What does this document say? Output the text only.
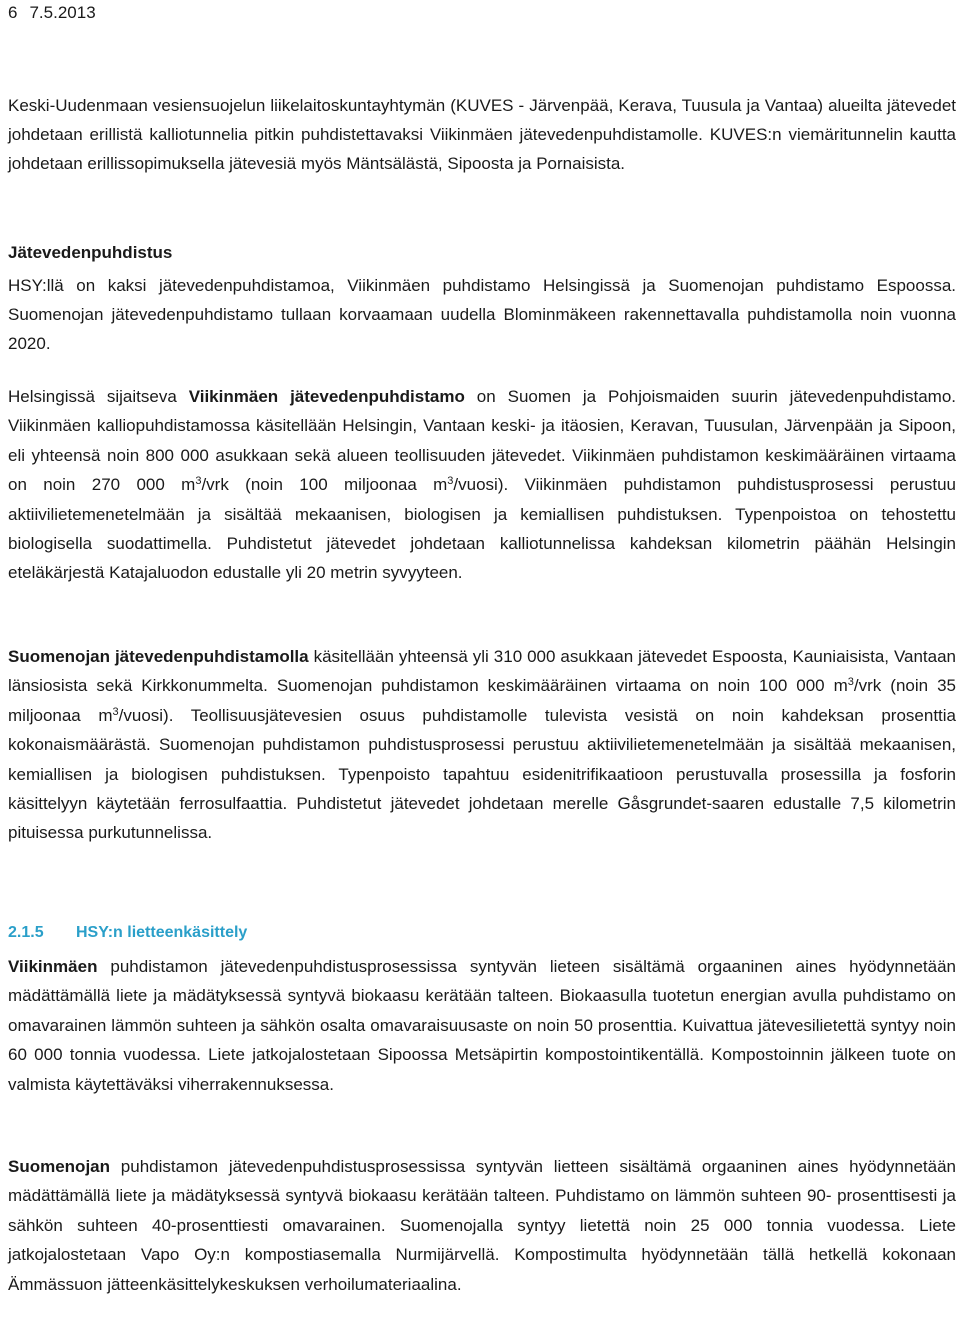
6 7.5.2013

Keski-Uudenmaan vesiensuojelun liikelaitoskuntayhtymän (KUVES - Järvenpää, Kerava, Tuusula ja Vantaa) alueilta jätevedet johdetaan erillistä kalliotunnelia pitkin puhdistettavaksi Viikinmäen jätevedenpuhdistamolle. KUVES:n viemäritunnelin kautta johdetaan erillissopimuksella jätevesiä myös Mäntsälästä, Sipoosta ja Pornaisista.

Jätevedenpuhdistus

HSY:llä on kaksi jätevedenpuhdistamoa, Viikinmäen puhdistamo Helsingissä ja Suomenojan puhdistamo Espoossa. Suomenojan jätevedenpuhdistamo tullaan korvaamaan uudella Blominmäkeen rakennettavalla puhdistamolla noin vuonna 2020.

Helsingissä sijaitseva Viikinmäen jätevedenpuhdistamo on Suomen ja Pohjoismaiden suurin jätevedenpuhdistamo. Viikinmäen kalliopuhdistamossa käsitellään Helsingin, Vantaan keski- ja itäosien, Keravan, Tuusulan, Järvenpään ja Sipoon, eli yhteensä noin 800 000 asukkaan sekä alueen teollisuuden jätevedet. Viikinmäen puhdistamon keskimääräinen virtaama on noin 270 000 $m^3$/vrk (noin 100 miljoonaa $m^3/vuosi$). Viikinmäen puhdistamon puhdistusprosessi perustuu aktiivilietemenetelmään ja sisältää mekaanisen, biologisen ja kemiallisen puhdistuksen. Typenpoistoa on tehostettu biologisella suodattimella. Puhdistetut jätevedet johdetaan kalliotunnelissa kahdeksan kilometrin päähän Helsingin eteläkärjestä Katajaluodon edustalle yli 20 metrin syvyyteen.

Suomenojan jätevedenpuhdistamolla käsitellään yhteensä yli 310 000 asukkaan jätevedet Espoosta, Kauniaisista, Vantaan länsiosista sekä Kirkkonummelta. Suomenojan puhdistamon keskimääräinen virtaama on noin 100 000 $m^3$/vrk (noin 35 miljoonaa $m^3/vuosi$). Teollisuusjätevesien osuus puhdistamolle tulevista vesistä on noin kahdeksan prosenttia kokonaismäärästä. Suomenojan puhdistamon puhdistusprosessi perustuu aktiivilietemenetelmään ja sisältää mekaanisen, kemiallisen ja biologisen puhdistuksen. Typenpoisto tapahtuu esidenitrifikaatioon perustuvalla prosessilla ja fosforin käsittelyyn käytetään ferrosulfaattia. Puhdistetut jätevedet johdetaan merelle Gåsgrundet-saaren edustalle 7,5 kilometrin pituisessa purkutunnelissa.

2.1.5 HSY:n lietteenkäsittely

Viikinmäen puhdistamon jätevedenpuhdistusprosessissa syntyvän lieteen sisältämä orgaaninen aines hyödynnetään mädättämällä liete ja mädätyksessä syntyvä biokaasu kerätään talteen. Biokaasulla tuotetun energian avulla puhdistamo on omavarainen lämmön suhteen ja sähkön osalta omavaraisuusaste on noin 50 prosenttia. Kuivattua jätevesilietettä syntyy noin 60 000 tonnia vuodessa. Liete jatkojalostetaan Sipoossa Metsäpirtin kompostointikentällä. Kompostoinnin jälkeen tuote on valmista käytettäväksi viherrakennuksessa.

Suomenojan puhdistamon jätevedenpuhdistusprosessissa syntyvän lietteen sisältämä orgaaninen aines hyödynnetään mädättämällä liete ja mädätyksessä syntyvä biokaasu kerätään talteen. Puhdistamo on lämmön suhteen 90- prosenttisesti ja sähkön suhteen 40-prosenttiesti omavarainen. Suomenojalla syntyy lietettä noin 25 000 tonnia vuodessa. Liete jatkojalostetaan Vapo Oy:n kompostiasemalla Nurmijärvellä. Kompostimulta hyödynnetään tällä hetkellä kokonaan Ämmässuon jätteenkäsittelykeskuksen verhoilumateriaalina.
